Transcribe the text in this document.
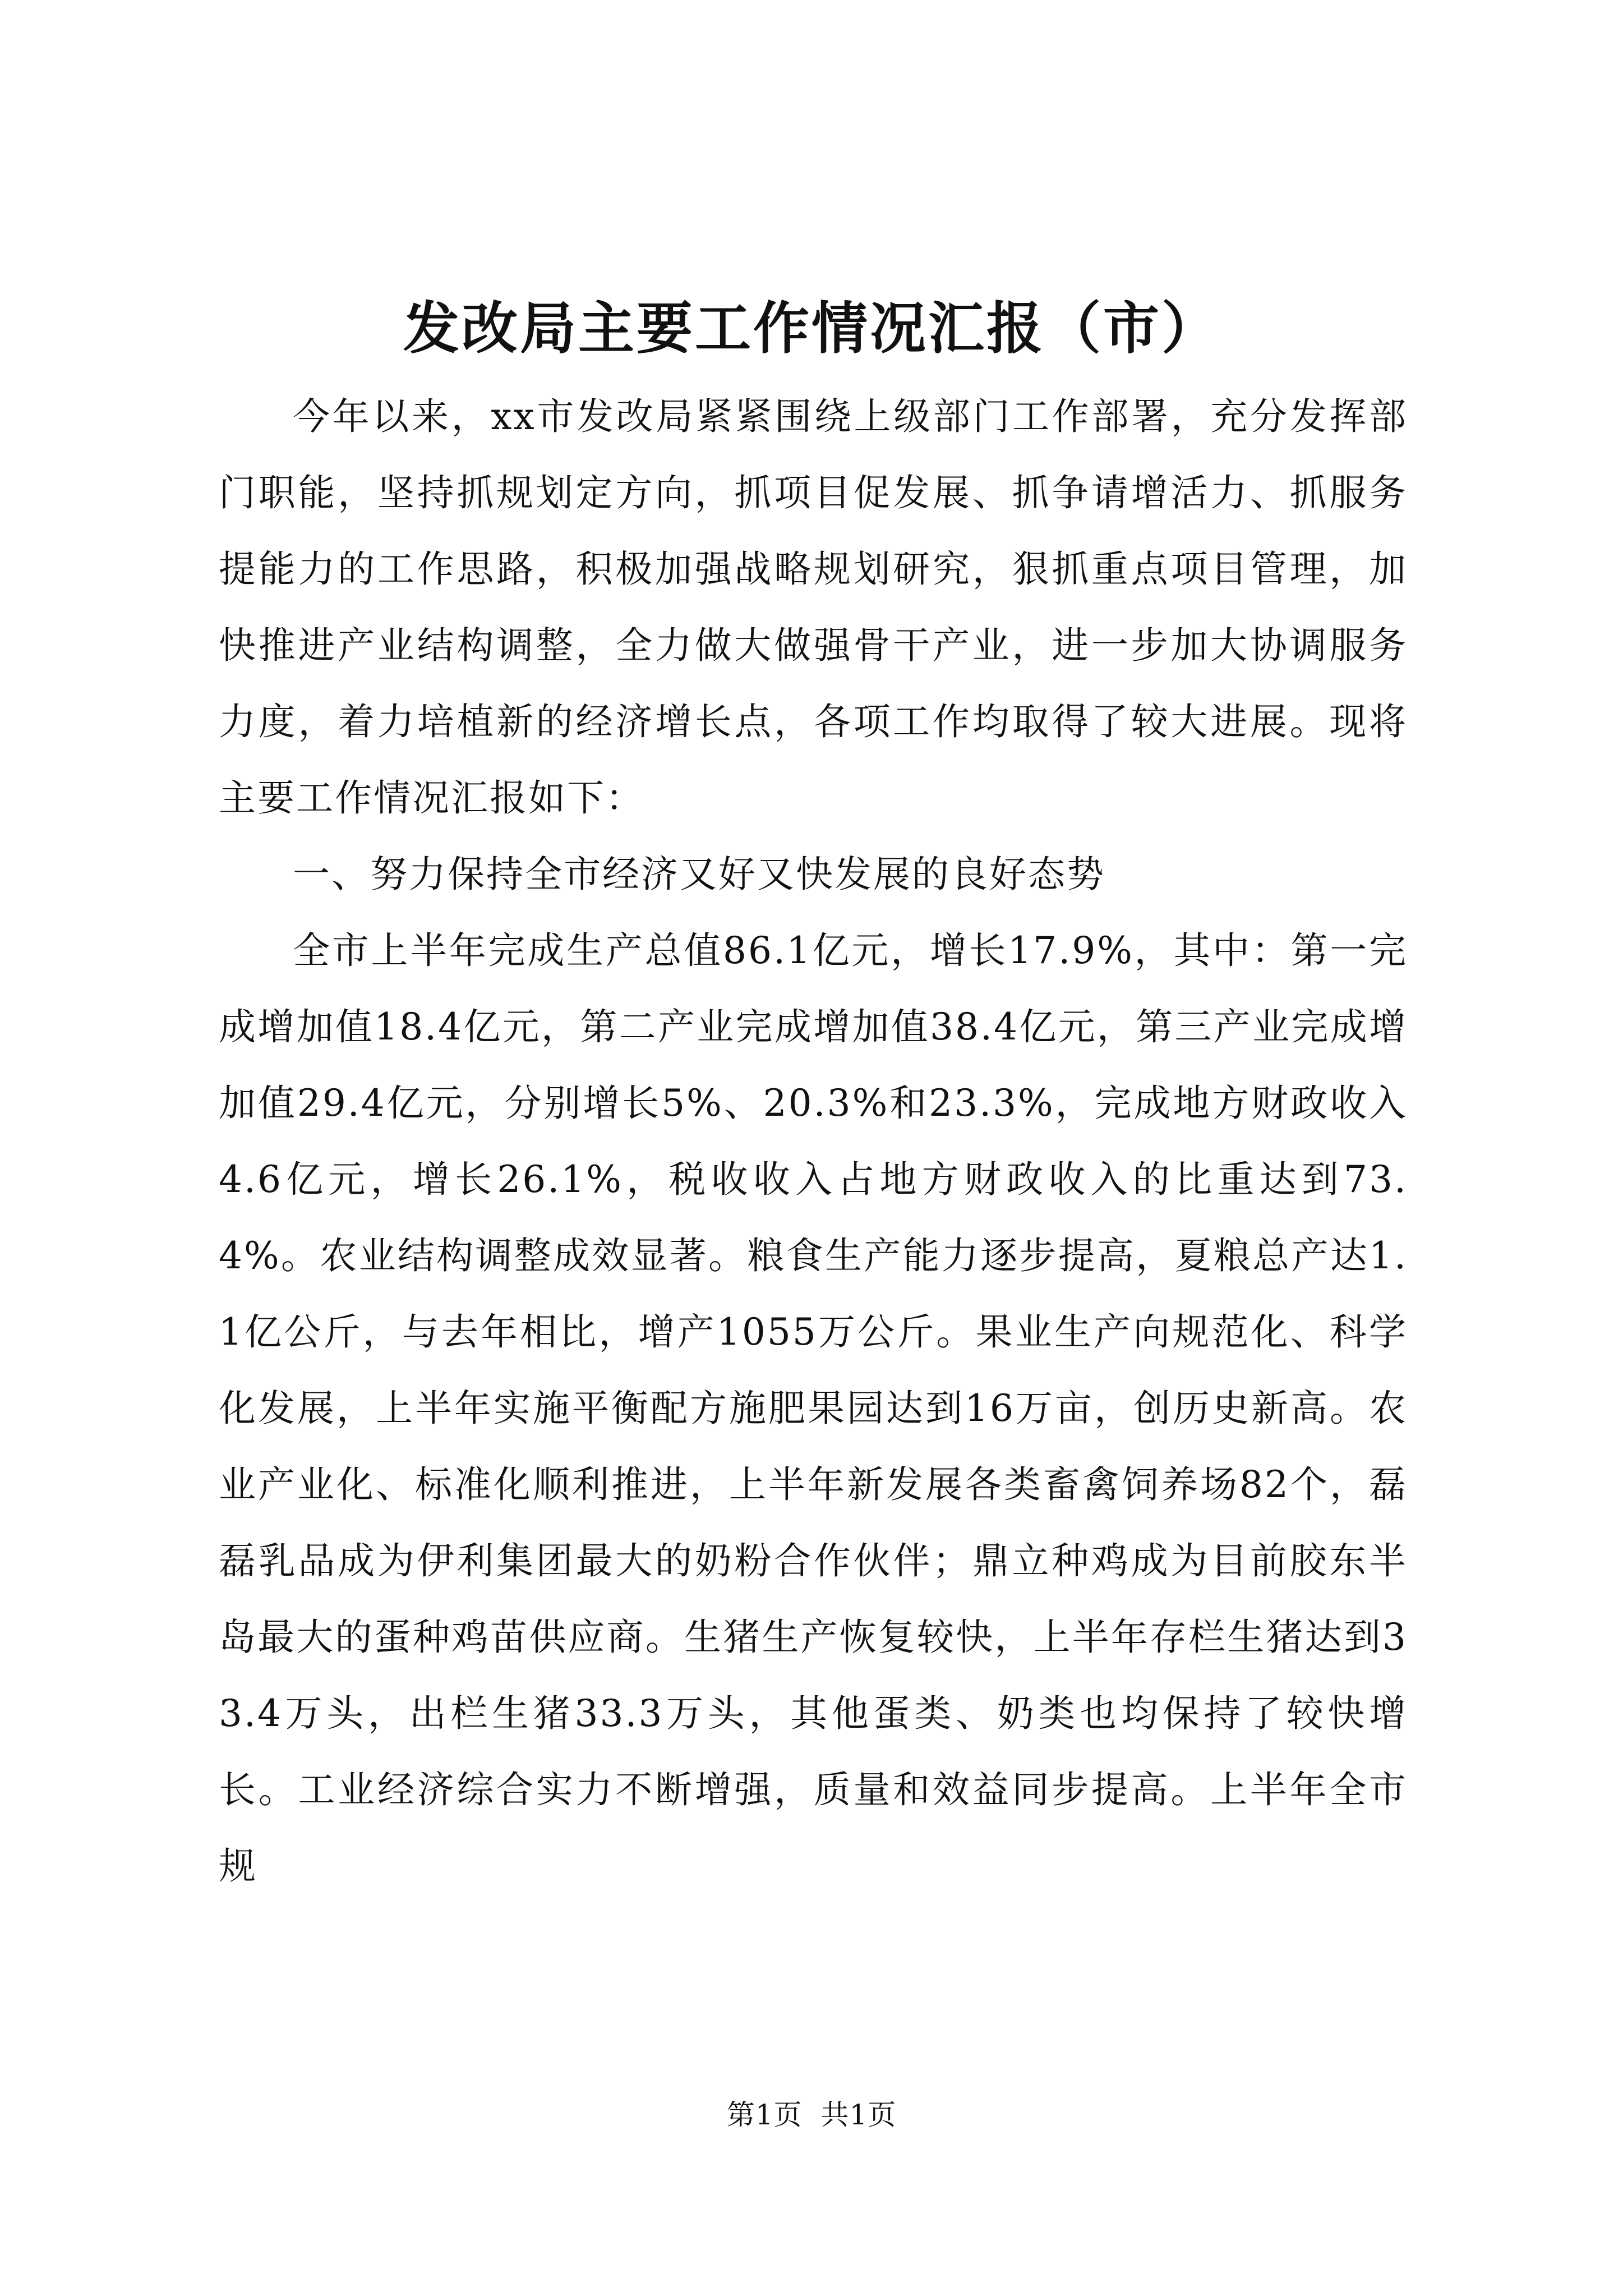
发改局主要工作情况汇报（市）

今年以来，xx市发改局紧紧围绕上级部门工作部署，充分发挥部门职能，坚持抓规划定方向，抓项目促发展、抓争请增活力、抓服务提能力的工作思路，积极加强战略规划研究，狠抓重点项目管理，加快推进产业结构调整，全力做大做强骨干产业，进一步加大协调服务力度，着力培植新的经济增长点，各项工作均取得了较大进展。现将主要工作情况汇报如下：

一、努力保持全市经济又好又快发展的良好态势

全市上半年完成生产总值86.1亿元，增长17.9%，其中：第一完成增加值18.4亿元，第二产业完成增加值38.4亿元，第三产业完成增加值29.4亿元，分别增长5%、20.3%和23.3%，完成地方财政收入4.6亿元，增长26.1%，税收收入占地方财政收入的比重达到73.4%。农业结构调整成效显著。粮食生产能力逐步提高，夏粮总产达1.1亿公斤，与去年相比，增产1055万公斤。果业生产向规范化、科学化发展，上半年实施平衡配方施肥果园达到16万亩，创历史新高。农业产业化、标准化顺利推进，上半年新发展各类畜禽饲养场82个，磊磊乳品成为伊利集团最大的奶粉合作伙伴；鼎立种鸡成为目前胶东半岛最大的蛋种鸡苗供应商。生猪生产恢复较快，上半年存栏生猪达到33.4万头，出栏生猪33.3万头，其他蛋类、奶类也均保持了较快增长。工业经济综合实力不断增强，质量和效益同步提高。上半年全市规

第1页 共1页
